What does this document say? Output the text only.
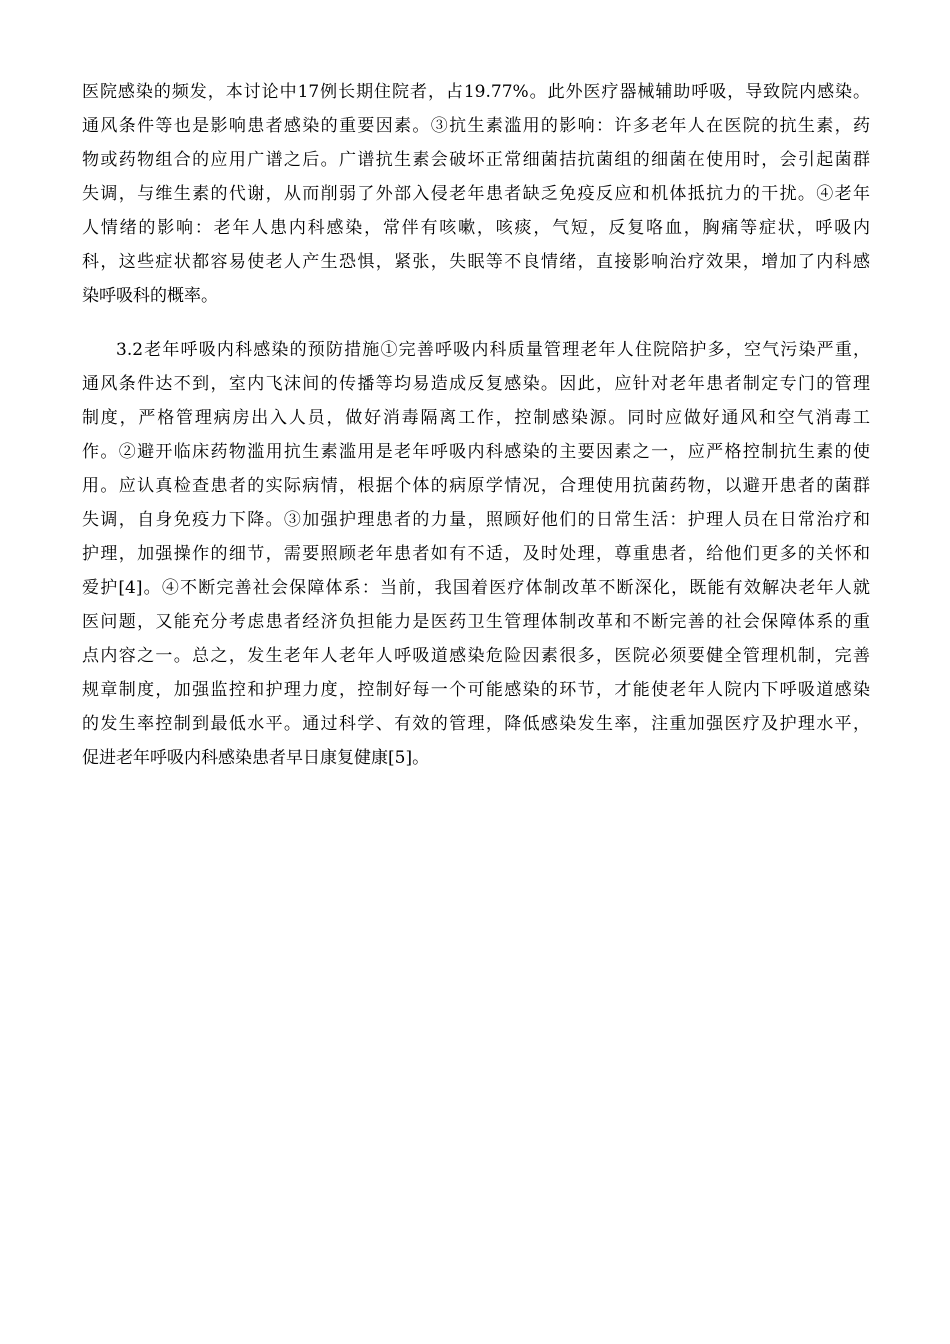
医院感染的频发，本讨论中17例长期住院者，占19.77%。此外医疗器械辅助呼吸，导致院内感染。
通风条件等也是影响患者感染的重要因素。③抗生素滥用的影响：许多老年人在医院的抗生素，药
物或药物组合的应用广谱之后。广谱抗生素会破坏正常细菌拮抗菌组的细菌在使用时，会引起菌群
失调，与维生素的代谢，从而削弱了外部入侵老年患者缺乏免疫反应和机体抵抗力的干扰。④老年
人情绪的影响：老年人患内科感染，常伴有咳嗽，咳痰，气短，反复咯血，胸痛等症状，呼吸内
科，这些症状都容易使老人产生恐惧，紧张，失眠等不良情绪，直接影响治疗效果，增加了内科感
染呼吸科的概率。
3.2老年呼吸内科感染的预防措施①完善呼吸内科质量管理老年人住院陪护多，空气污染严重，
通风条件达不到，室内飞沫间的传播等均易造成反复感染。因此，应针对老年患者制定专门的管理
制度，严格管理病房出入人员，做好消毒隔离工作，控制感染源。同时应做好通风和空气消毒工
作。②避开临床药物滥用抗生素滥用是老年呼吸内科感染的主要因素之一，应严格控制抗生素的使
用。应认真检查患者的实际病情，根据个体的病原学情况，合理使用抗菌药物，以避开患者的菌群
失调，自身免疫力下降。③加强护理患者的力量，照顾好他们的日常生活：护理人员在日常治疗和
护理，加强操作的细节，需要照顾老年患者如有不适，及时处理，尊重患者，给他们更多的关怀和
爱护[4]。④不断完善社会保障体系：当前，我国着医疗体制改革不断深化，既能有效解决老年人就
医问题，又能充分考虑患者经济负担能力是医药卫生管理体制改革和不断完善的社会保障体系的重
点内容之一。总之，发生老年人老年人呼吸道感染危险因素很多，医院必须要健全管理机制，完善
规章制度，加强监控和护理力度，控制好每一个可能感染的环节，才能使老年人院内下呼吸道感染
的发生率控制到最低水平。通过科学、有效的管理，降低感染发生率，注重加强医疗及护理水平，
促进老年呼吸内科感染患者早日康复健康[5]。
